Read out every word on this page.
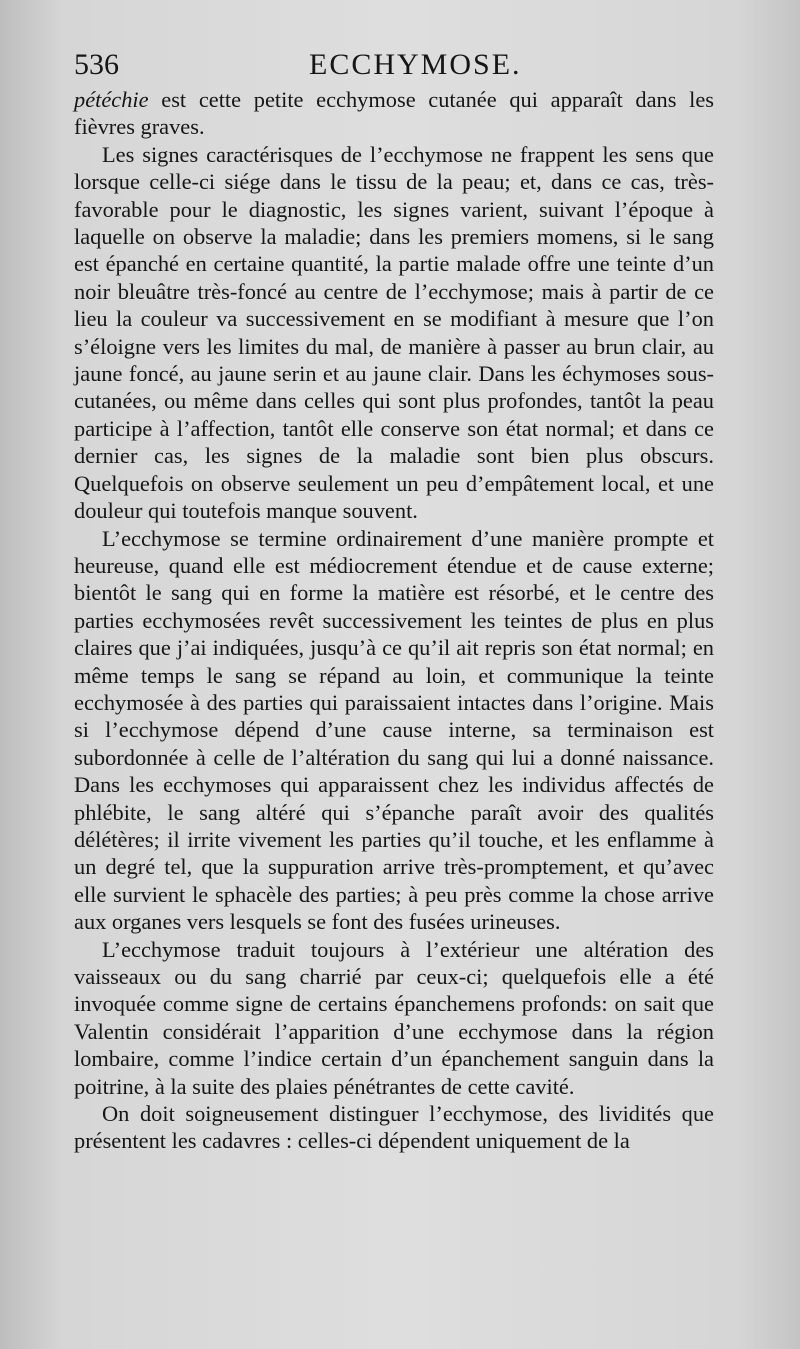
536	ECCHYMOSE.

pétéchie est cette petite ecchymose cutanée qui apparaît dans les fièvres graves.

Les signes caractérisques de l’ecchymose ne frappent les sens que lorsque celle-ci siége dans le tissu de la peau; et, dans ce cas, très-favorable pour le diagnostic, les signes varient, suivant l’époque à laquelle on observe la maladie; dans les premiers momens, si le sang est épanché en certaine quantité, la partie malade offre une teinte d’un noir bleuâtre très-foncé au centre de l’ecchymose; mais à partir de ce lieu la couleur va successivement en se modifiant à mesure que l’on s’éloigne vers les limites du mal, de manière à passer au brun clair, au jaune foncé, au jaune serin et au jaune clair. Dans les échymoses sous-cutanées, ou même dans celles qui sont plus profondes, tantôt la peau participe à l’affection, tantôt elle conserve son état normal; et dans ce dernier cas, les signes de la maladie sont bien plus obscurs. Quelquefois on observe seulement un peu d’empâtement local, et une douleur qui toutefois manque souvent.

L’ecchymose se termine ordinairement d’une manière prompte et heureuse, quand elle est médiocrement étendue et de cause externe; bientôt le sang qui en forme la matière est résorbé, et le centre des parties ecchymosées revêt successivement les teintes de plus en plus claires que j’ai indiquées, jusqu’à ce qu’il ait repris son état normal; en même temps le sang se répand au loin, et communique la teinte ecchymosée à des parties qui paraissaient intactes dans l’origine. Mais si l’ecchymose dépend d’une cause interne, sa terminaison est subordonnée à celle de l’altération du sang qui lui a donné naissance. Dans les ecchymoses qui apparaissent chez les individus affectés de phlébite, le sang altéré qui s’épanche paraît avoir des qualités délétères; il irrite vivement les parties qu’il touche, et les enflamme à un degré tel, que la suppuration arrive très-promptement, et qu’avec elle survient le sphacèle des parties; à peu près comme la chose arrive aux organes vers lesquels se font des fusées urineuses.

L’ecchymose traduit toujours à l’extérieur une altération des vaisseaux ou du sang charrié par ceux-ci; quelquefois elle a été invoquée comme signe de certains épanchemens profonds: on sait que Valentin considérait l’apparition d’une ecchymose dans la région lombaire, comme l’indice certain d’un épanchement sanguin dans la poitrine, à la suite des plaies pénétrantes de cette cavité.

On doit soigneusement distinguer l’ecchymose, des lividités que présentent les cadavres : celles-ci dépendent uniquement de la
